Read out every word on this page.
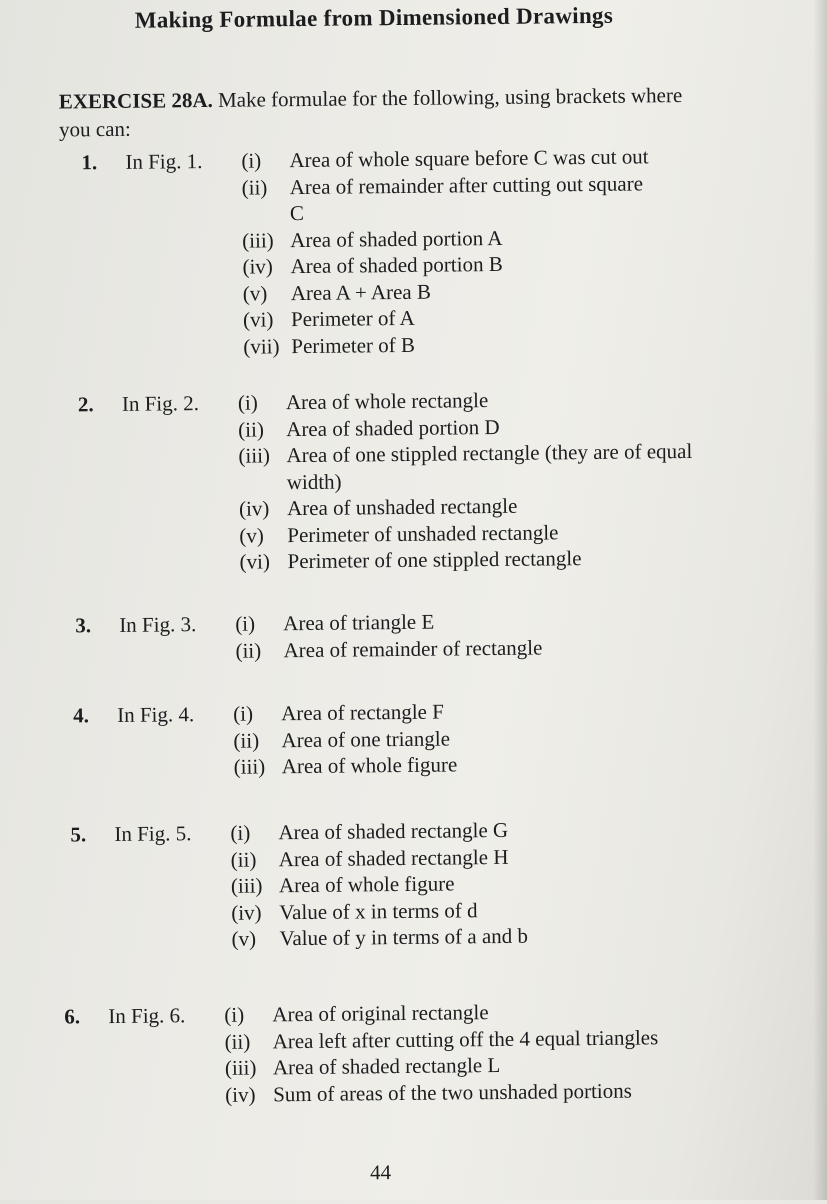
Making Formulae from Dimensioned Drawings
EXERCISE 28A. Make formulae for the following, using brackets where you can:
1. In Fig. 1. (i)	Area of whole square before C was cut out
(ii)	Area of remainder after cutting out square C
(iii) Area of shaded portion A
(iv) Area of shaded portion B
(v)	Area A + Area B
(vi) Perimeter of A
(vii) Perimeter of B
2. In Fig. 2. (i)	Area of whole rectangle
(ii)	Area of shaded portion D
(iii) Area of one stippled rectangle (they are of equal width)
(iv) Area of unshaded rectangle
(v)	Perimeter of unshaded rectangle
(vi) Perimeter of one stippled rectangle
3. In Fig. 3. (i)	Area of triangle E
(ii)	Area of remainder of rectangle
4. In Fig. 4. (i)	Area of rectangle F
(ii)	Area of one triangle
(iii) Area of whole figure
5. In Fig. 5. (i)	Area of shaded rectangle G
(ii)	Area of shaded rectangle H
(iii) Area of whole figure
(iv) Value of x in terms of d
(v)	Value of y in terms of a and b
6. In Fig. 6. (i)	Area of original rectangle
(ii)	Area left after cutting off the 4 equal triangles
(iii) Area of shaded rectangle L
(iv) Sum of areas of the two unshaded portions
44
